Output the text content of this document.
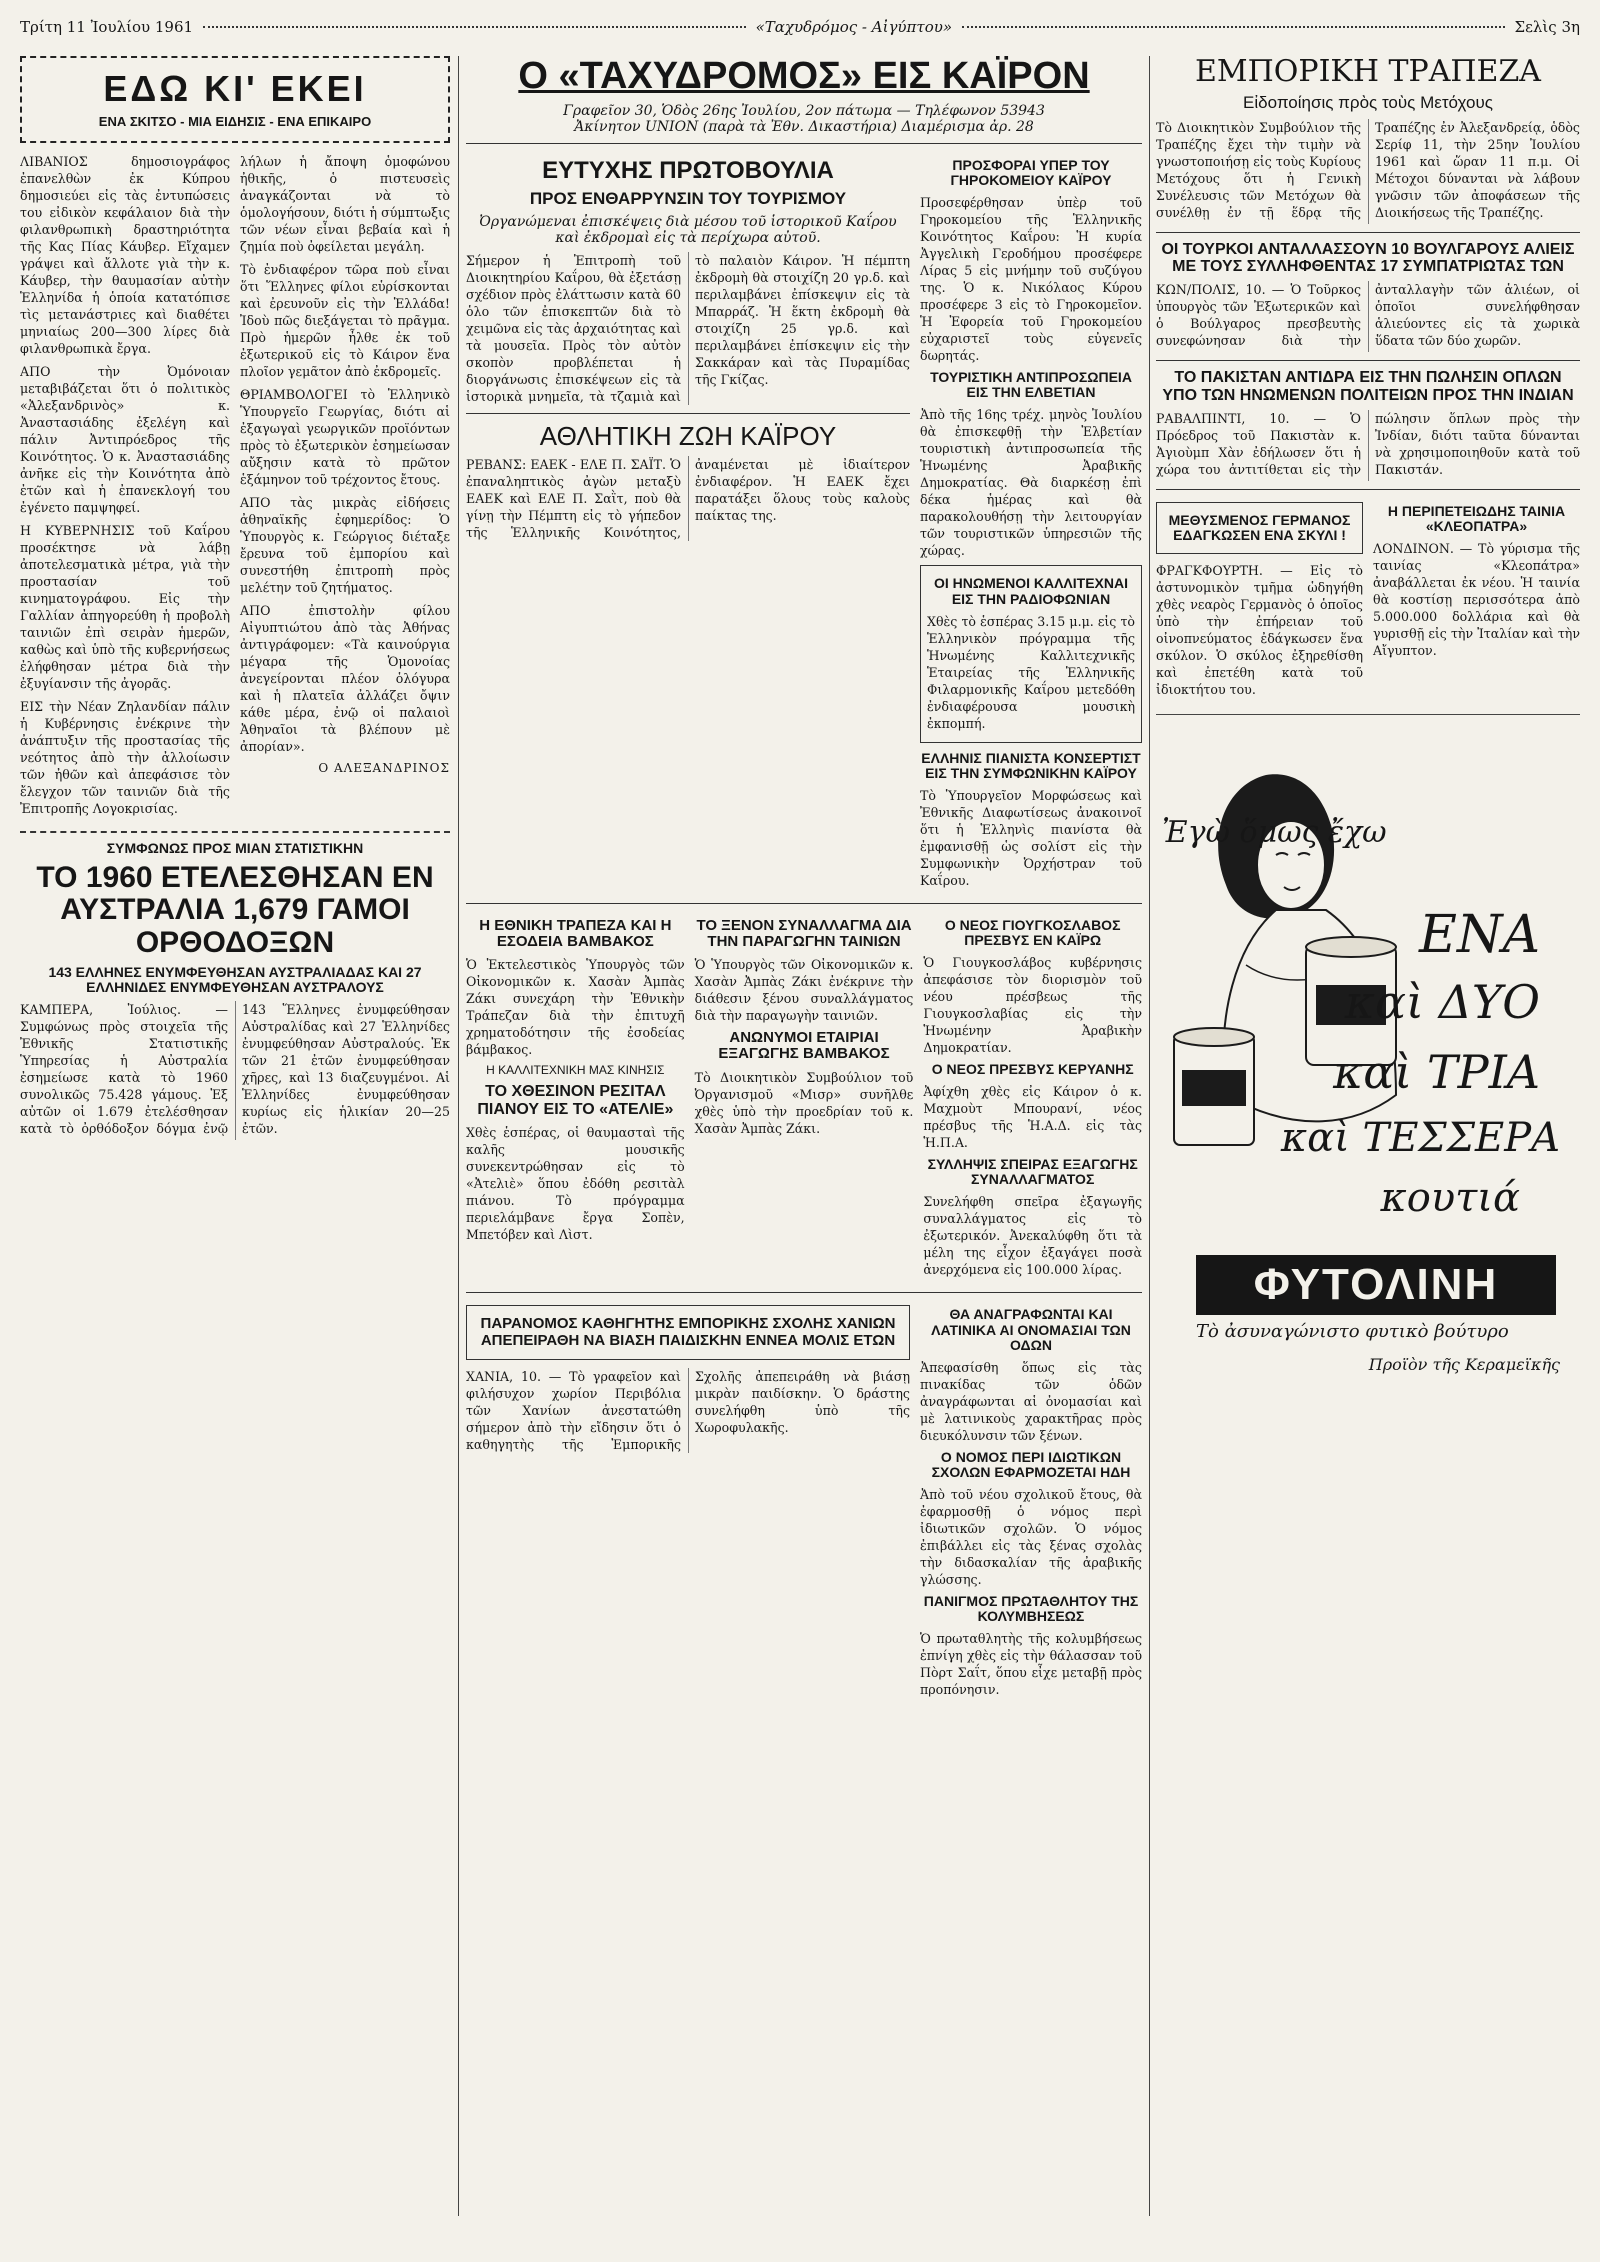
Τρίτη 11 Ἰουλίου 1961	«Ταχυδρόμος - Αἰγύπτου»	Σελὶς 3η
ΕΔΩ ΚΙ' ΕΚΕΙ
ΕΝΑ ΣΚΙΤΣΟ - ΜΙΑ ΕΙΔΗΣΙΣ - ΕΝΑ ΕΠΙΚΑΙΡΟ

ΛΙΒΑΝΙΟΣ δημοσιογράφος ἐπανελθὼν ἐκ Κύπρου δημοσιεύει εἰς τὰς ἐντυπώσεις του εἰδικὸν κεφάλαιον διὰ τὴν φιλανθρωπικὴ δραστηριότητα τῆς Κας Πίας Κάυβερ. Εἴχαμεν γράψει καὶ ἄλλοτε γιὰ τὴν κ. Κάυβερ, τὴν θαυμασίαν αὐτὴν Ἑλληνίδα ἡ ὁποία κατατόπισε τὶς μετανάστριες καὶ διαθέτει μηνιαίως 200—300 λίρες διὰ φιλανθρωπικὰ ἔργα.

ΑΠΟ τὴν Ὀμόνοιαν μεταβιβάζεται ὅτι ὁ πολιτικὸς «Ἀλεξανδρινὸς» κ. Ἀναστασιάδης ἐξελέγη καὶ πάλιν Ἀντιπρόεδρος τῆς Κοινότητος. Ὁ κ. Ἀναστασιάδης ἀνῆκε εἰς τὴν Κοινότητα ἀπὸ ἐτῶν καὶ ἡ ἐπανεκλογή του ἐγένετο παμψηφεί.

Η ΚΥΒΕΡΝΗΣΙΣ τοῦ Καΐρου προσέκτησε νὰ λάβῃ ἀποτελεσματικὰ μέτρα, γιὰ τὴν προστασίαν τοῦ κινηματογράφου. Εἰς τὴν Γαλλίαν ἀπηγορεύθη ἡ προβολὴ ταινιῶν ἐπὶ σειρὰν ἡμερῶν, καθὼς καὶ ὑπὸ τῆς κυβερνήσεως ἐλήφθησαν μέτρα διὰ τὴν ἐξυγίανσιν τῆς ἀγορᾶς.

ΕΙΣ τὴν Νέαν Ζηλανδίαν πάλιν ἡ Κυβέρνησις ἐνέκρινε τὴν ἀνάπτυξιν τῆς προστασίας τῆς νεότητος ἀπὸ τὴν ἀλλοίωσιν τῶν ἠθῶν καὶ ἀπεφάσισε τὸν ἔλεγχον τῶν ταινιῶν διὰ τῆς Ἐπιτροπῆς Λογοκρισίας.

λήλων ἡ ἄποψη ὁμοφώνου ἠθικῆς, ὁ πιστευσεὶς ἀναγκάζονται νὰ τὸ ὁμολογήσουν, διότι ἡ σύμπτωξις τῶν νέων εἶναι βεβαία καὶ ἡ ζημία ποὺ ὀφείλεται μεγάλη.

Τὸ ἐνδιαφέρον τῶρα ποὺ εἶναι ὅτι Ἕλληνες φίλοι εὑρίσκονται καὶ ἐρευνοῦν εἰς τὴν Ἑλλάδα! Ἰδοὺ πῶς διεξάγεται τὸ πρᾶγμα. Πρὸ ἡμερῶν ἦλθε ἐκ τοῦ ἐξωτερικοῦ εἰς τὸ Κάιρον ἕνα πλοῖον γεμᾶτον ἀπὸ ἐκδρομεῖς.

ΘΡΙΑΜΒΟΛΟΓΕΙ τὸ Ἑλληνικὸ Ὑπουργεῖο Γεωργίας, διότι αἱ ἐξαγωγαὶ γεωργικῶν προϊόντων πρὸς τὸ ἐξωτερικὸν ἐσημείωσαν αὔξησιν κατὰ τὸ πρῶτον ἑξάμηνον τοῦ τρέχοντος ἔτους.

ΑΠΟ τὰς μικρὰς εἰδήσεις ἀθηναϊκῆς ἐφημερίδος: Ὁ Ὑπουργὸς κ. Γεώργιος διέταξε ἔρευνα τοῦ ἐμπορίου καὶ συνεστήθη ἐπιτροπὴ πρὸς μελέτην τοῦ ζητήματος.

ΑΠΟ ἐπιστολὴν φίλου Αἰγυπτιώτου ἀπὸ τὰς Ἀθήνας ἀντιγράφομεν: «Τὰ καινούργια μέγαρα τῆς Ὁμονοίας ἀνεγείρονται πλέον ὁλόγυρα καὶ ἡ πλατεῖα ἀλλάζει ὄψιν κάθε μέρα, ἐνῷ οἱ παλαιοὶ Ἀθηναῖοι τὰ βλέπουν μὲ ἀπορίαν».

Ο ΑΛΕΞΑΝΔΡΙΝΟΣ
ΣΥΜΦΩΝΩΣ ΠΡΟΣ ΜΙΑΝ ΣΤΑΤΙΣΤΙΚΗΝ
ΤΟ 1960 ΕΤΕΛΕΣΘΗΣΑΝ ΕΝ ΑΥΣΤΡΑΛΙΑ 1,679 ΓΑΜΟΙ ΟΡΘΟΔΟΞΩΝ
143 ΕΛΛΗΝΕΣ ΕΝΥΜΦΕΥΘΗΣΑΝ ΑΥΣΤΡΑΛΙΑΔΑΣ ΚΑΙ 27 ΕΛΛΗΝΙΔΕΣ ΕΝΥΜΦΕΥΘΗΣΑΝ ΑΥΣΤΡΑΛΟΥΣ

ΚΑΜΠΕΡΑ, Ἰούλιος. — Συμφώνως πρὸς στοιχεῖα τῆς Ἐθνικῆς Στατιστικῆς Ὑπηρεσίας ἡ Αὐστραλία ἐσημείωσε κατὰ τὸ 1960 συνολικῶς 75.428 γάμους. Ἐξ αὐτῶν οἱ 1.679 ἐτελέσθησαν κατὰ τὸ ὀρθόδοξον δόγμα ἐνῷ 143 Ἕλληνες ἐνυμφεύθησαν Αὐστραλίδας καὶ 27 Ἑλληνίδες ἐνυμφεύθησαν Αὐστραλούς. Ἐκ τῶν 21 ἐτῶν ἐνυμφεύθησαν χῆρες, καὶ 13 διαζευγμένοι. Αἱ Ἑλληνίδες ἐνυμφεύθησαν κυρίως εἰς ἡλικίαν 20—25 ἐτῶν.

Ο «ΤΑΧΥΔΡΟΜΟΣ» ΕΙΣ ΚΑΪΡΟΝ
Γραφεῖον 30, Ὁδὸς 26ης Ἰουλίου, 2ον πάτωμα — Τηλέφωνον 53943
Ἀκίνητον UNION (παρὰ τὰ Ἐθν. Δικαστήρια) Διαμέρισμα ἀρ. 28
ΕΥΤΥΧΗΣ ΠΡΩΤΟΒΟΥΛΙΑ
ΠΡΟΣ ΕΝΘΑΡΡΥΝΣΙΝ ΤΟΥ ΤΟΥΡΙΣΜΟΥ
Ὀργανώμεναι ἐπισκέψεις διὰ μέσου τοῦ ἱστορικοῦ Καΐρου καὶ ἐκδρομαὶ εἰς τὰ περίχωρα αὐτοῦ.

Σήμερον ἡ Ἐπιτροπὴ τοῦ Διοικητηρίου Καΐρου, θὰ ἐξετάσῃ σχέδιον πρὸς ἐλάττωσιν κατὰ 60 ὁλο τῶν ἐπισκεπτῶν διὰ τὸ χειμῶνα εἰς τὰς ἀρχαιότητας καὶ τὰ μουσεῖα. Πρὸς τὸν αὐτὸν σκοπὸν προβλέπεται ἡ διοργάνωσις ἐπισκέψεων εἰς τὰ ἱστορικὰ μνημεῖα, τὰ τζαμιὰ καὶ τὸ παλαιὸν Κάιρον. Ἡ πέμπτη ἐκδρομὴ θὰ στοιχίζη 20 γρ.δ. καὶ περιλαμβάνει ἐπίσκεψιν εἰς τὰ Μπαρράζ. Ἡ ἕκτη ἐκδρομὴ θὰ στοιχίζη 25 γρ.δ. καὶ περιλαμβάνει ἐπίσκεψιν εἰς τὴν Σακκάραν καὶ τὰς Πυραμίδας τῆς Γκίζας.

ΑΘΛΗΤΙΚΗ ΖΩΗ ΚΑΪΡΟΥ

ΡΕΒΑΝΣ: ΕΑΕΚ - ΕΛΕ Π. ΣΑΪΤ. Ὁ ἐπαναληπτικὸς ἀγὼν μεταξὺ ΕΑΕΚ καὶ ΕΛΕ Π. Σαῒτ, ποὺ θὰ γίνῃ τὴν Πέμπτη εἰς τὸ γήπεδον τῆς Ἑλληνικῆς Κοινότητος, ἀναμένεται μὲ ἰδιαίτερον ἐνδιαφέρον. Ἡ ΕΑΕΚ ἔχει παρατάξει ὅλους τοὺς καλοὺς παίκτας της.

ΠΡΟΣΦΟΡΑΙ ΥΠΕΡ ΤΟΥ ΓΗΡΟΚΟΜΕΙΟΥ ΚΑΪΡΟΥ

Προσεφέρθησαν ὑπὲρ τοῦ Γηροκομείου τῆς Ἑλληνικῆς Κοινότητος Καΐρου: Ἡ κυρία Ἀγγελικὴ Γεροδήμου προσέφερε Λίρας 5 εἰς μνήμην τοῦ συζύγου της. Ὁ κ. Νικόλαος Κύρου προσέφερε 3 εἰς τὸ Γηροκομεῖον. Ἡ Ἐφορεία τοῦ Γηροκομείου εὐχαριστεῖ τοὺς εὐγενεῖς δωρητάς.

ΤΟΥΡΙΣΤΙΚΗ ΑΝΤΙΠΡΟΣΩΠΕΙΑ ΕΙΣ ΤΗΝ ΕΛΒΕΤΙΑΝ

Ἀπὸ τῆς 16ης τρέχ. μηνὸς Ἰουλίου θὰ ἐπισκεφθῇ τὴν Ἐλβετίαν τουριστικὴ ἀντιπροσωπεία τῆς Ἡνωμένης Ἀραβικῆς Δημοκρατίας. Θὰ διαρκέσῃ ἐπὶ δέκα ἡμέρας καὶ θὰ παρακολουθήσῃ τὴν λειτουργίαν τῶν τουριστικῶν ὑπηρεσιῶν τῆς χώρας.

ΟΙ ΗΝΩΜΕΝΟΙ ΚΑΛΛΙΤΕΧΝΑΙ ΕΙΣ ΤΗΝ ΡΑΔΙΟΦΩΝΙΑΝ

Χθὲς τὸ ἑσπέρας 3.15 μ.μ. εἰς τὸ Ἑλληνικὸν πρόγραμμα τῆς Ἡνωμένης Καλλιτεχνικῆς Ἑταιρείας τῆς Ἑλληνικῆς Φιλαρμονικῆς Καΐρου μετεδόθη ἐνδιαφέρουσα μουσικὴ ἐκπομπή.

ΕΛΛΗΝΙΣ ΠΙΑΝΙΣΤΑ ΚΟΝΣΕΡΤΙΣΤ ΕΙΣ ΤΗΝ ΣΥΜΦΩΝΙΚΗΝ ΚΑΪΡΟΥ

Τὸ Ὑπουργεῖον Μορφώσεως καὶ Ἐθνικῆς Διαφωτίσεως ἀνακοινοῖ ὅτι ἡ Ἑλληνὶς πιανίστα θὰ ἐμφανισθῇ ὡς σολίστ εἰς τὴν Συμφωνικὴν Ὀρχήστραν τοῦ Καΐρου.

Η ΕΘΝΙΚΗ ΤΡΑΠΕΖΑ ΚΑΙ Η ΕΣΟΔΕΙΑ ΒΑΜΒΑΚΟΣ

Ὁ Ἐκτελεστικὸς Ὑπουργὸς τῶν Οἰκονομικῶν κ. Χασὰν Ἀμπὰς Ζάκι συνεχάρη τὴν Ἐθνικὴν Τράπεζαν διὰ τὴν ἐπιτυχῆ χρηματοδότησιν τῆς ἐσοδείας βάμβακος.

Η ΚΑΛΛΙΤΕΧΝΙΚΗ ΜΑΣ ΚΙΝΗΣΙΣ
ΤΟ ΧΘΕΣΙΝΟΝ ΡΕΣΙΤΑΛ ΠΙΑΝΟΥ ΕΙΣ ΤΟ «ΑΤΕΛΙΕ»

Χθὲς ἑσπέρας, οἱ θαυμασταὶ τῆς καλῆς μουσικῆς συνεκεντρώθησαν εἰς τὸ «Ἀτελιὲ» ὅπου ἐδόθη ρεσιτὰλ πιάνου. Τὸ πρόγραμμα περιελάμβανε ἔργα Σοπὲν, Μπετόβεν καὶ Λὶστ.

ΤΟ ΞΕΝΟΝ ΣΥΝΑΛΛΑΓΜΑ ΔΙΑ ΤΗΝ ΠΑΡΑΓΩΓΗΝ ΤΑΙΝΙΩΝ

Ὁ Ὑπουργὸς τῶν Οἰκονομικῶν κ. Χασὰν Ἀμπὰς Ζάκι ἐνέκρινε τὴν διάθεσιν ξένου συναλλάγματος διὰ τὴν παραγωγὴν ταινιῶν.

ΑΝΩΝΥΜΟΙ ΕΤΑΙΡΙΑΙ ΕΞΑΓΩΓΗΣ ΒΑΜΒΑΚΟΣ

Τὸ Διοικητικὸν Συμβούλιον τοῦ Ὀργανισμοῦ «Μισρ» συνῆλθε χθὲς ὑπὸ τὴν προεδρίαν τοῦ κ. Χασὰν Ἀμπὰς Ζάκι.

Ο ΝΕΟΣ ΓΙΟΥΓΚΟΣΛΑΒΟΣ ΠΡΕΣΒΥΣ ΕΝ ΚΑΪΡΩ

Ὁ Γιουγκοσλάβος κυβέρνησις ἀπεφάσισε τὸν διορισμὸν τοῦ νέου πρέσβεως τῆς Γιουγκοσλαβίας εἰς τὴν Ἡνωμένην Ἀραβικὴν Δημοκρατίαν.

Ο ΝΕΟΣ ΠΡΕΣΒΥΣ ΚΕΡΥΑΝΗΣ

Ἀφίχθη χθὲς εἰς Κάιρον ὁ κ. Μαχμοὺτ Μπουρανί, νέος πρέσβυς τῆς Ἡ.Α.Δ. εἰς τὰς Ἡ.Π.Α.

ΣΥΛΛΗΨΙΣ ΣΠΕΙΡΑΣ ΕΞΑΓΩΓΗΣ ΣΥΝΑΛΛΑΓΜΑΤΟΣ

Συνελήφθη σπεῖρα ἐξαγωγῆς συναλλάγματος εἰς τὸ ἐξωτερικόν. Ἀνεκαλύφθη ὅτι τὰ μέλη της εἶχον ἐξαγάγει ποσὰ ἀνερχόμενα εἰς 100.000 λίρας.

ΠΑΡΑΝΟΜΟΣ ΚΑΘΗΓΗΤΗΣ ΕΜΠΟΡΙΚΗΣ ΣΧΟΛΗΣ ΧΑΝΙΩΝ ΑΠΕΠΕΙΡΑΘΗ ΝΑ ΒΙΑΣΗ ΠΑΙΔΙΣΚΗΝ ΕΝΝΕΑ ΜΟΛΙΣ ΕΤΩΝ

ΧΑΝΙΑ, 10. — Τὸ γραφεῖον καὶ φιλήσυχον χωρίον Περιβόλια τῶν Χανίων ἀνεστατώθη σήμερον ἀπὸ τὴν εἴδησιν ὅτι ὁ καθηγητὴς τῆς Ἐμπορικῆς Σχολῆς ἀπεπειράθη νὰ βιάσῃ μικρὰν παιδίσκην. Ὁ δράστης συνελήφθη ὑπὸ τῆς Χωροφυλακῆς.

ΘΑ ΑΝΑΓΡΑΦΩΝΤΑΙ ΚΑΙ ΛΑΤΙΝΙΚΑ ΑΙ ΟΝΟΜΑΣΙΑΙ ΤΩΝ ΟΔΩΝ

Ἀπεφασίσθη ὅπως εἰς τὰς πινακίδας τῶν ὁδῶν ἀναγράφωνται αἱ ὀνομασίαι καὶ μὲ λατινικοὺς χαρακτῆρας πρὸς διευκόλυνσιν τῶν ξένων.

Ο ΝΟΜΟΣ ΠΕΡΙ ΙΔΙΩΤΙΚΩΝ ΣΧΟΛΩΝ ΕΦΑΡΜΟΖΕΤΑΙ ΗΔΗ

Ἀπὸ τοῦ νέου σχολικοῦ ἔτους, θὰ ἐφαρμοσθῇ ὁ νόμος περὶ ἰδιωτικῶν σχολῶν. Ὁ νόμος ἐπιβάλλει εἰς τὰς ξένας σχολὰς τὴν διδασκαλίαν τῆς ἀραβικῆς γλώσσης.

ΠΑΝΙΓΜΟΣ ΠΡΩΤΑΘΛΗΤΟΥ ΤΗΣ ΚΟΛΥΜΒΗΣΕΩΣ

Ὁ πρωταθλητὴς τῆς κολυμβήσεως ἐπνίγη χθὲς εἰς τὴν θάλασσαν τοῦ Πὸρτ Σαΐτ, ὅπου εἶχε μεταβῇ πρὸς προπόνησιν.

ΕΜΠΟΡΙΚΗ ΤΡΑΠΕΖΑ
Εἰδοποίησις πρὸς τοὺς Μετόχους

Τὸ Διοικητικὸν Συμβούλιον τῆς Τραπέζης ἔχει τὴν τιμὴν νὰ γνωστοποιήσῃ εἰς τοὺς Κυρίους Μετόχους ὅτι ἡ Γενικὴ Συνέλευσις τῶν Μετόχων θὰ συνέλθῃ ἐν τῇ ἕδρᾳ τῆς Τραπέζης ἐν Ἀλεξανδρείᾳ, ὁδὸς Σερίφ 11, τὴν 25ην Ἰουλίου 1961 καὶ ὥραν 11 π.μ. Οἱ Μέτοχοι δύνανται νὰ λάβουν γνῶσιν τῶν ἀποφάσεων τῆς Διοικήσεως τῆς Τραπέζης.

ΟΙ ΤΟΥΡΚΟΙ ΑΝΤΑΛΛΑΣΣΟΥΝ 10 ΒΟΥΛΓΑΡΟΥΣ ΑΛΙΕΙΣ ΜΕ ΤΟΥΣ ΣΥΛΛΗΦΘΕΝΤΑΣ 17 ΣΥΜΠΑΤΡΙΩΤΑΣ ΤΩΝ

ΚΩΝ/ΠΟΛΙΣ, 10. — Ὁ Τοῦρκος ὑπουργὸς τῶν Ἐξωτερικῶν καὶ ὁ Βούλγαρος πρεσβευτὴς συνεφώνησαν διὰ τὴν ἀνταλλαγὴν τῶν ἁλιέων, οἱ ὁποῖοι συνελήφθησαν ἁλιεύοντες εἰς τὰ χωρικὰ ὕδατα τῶν δύο χωρῶν.

ΤΟ ΠΑΚΙΣΤΑΝ ΑΝΤΙΔΡΑ ΕΙΣ ΤΗΝ ΠΩΛΗΣΙΝ ΟΠΛΩΝ ΥΠΟ ΤΩΝ ΗΝΩΜΕΝΩΝ ΠΟΛΙΤΕΙΩΝ ΠΡΟΣ ΤΗΝ ΙΝΔΙΑΝ

ΡΑΒΑΛΠΙΝΤΙ, 10. — Ὁ Πρόεδρος τοῦ Πακιστὰν κ. Ἀγιοὺμπ Χὰν ἐδήλωσεν ὅτι ἡ χώρα του ἀντιτίθεται εἰς τὴν πώλησιν ὅπλων πρὸς τὴν Ἰνδίαν, διότι ταῦτα δύνανται νὰ χρησιμοποιηθοῦν κατὰ τοῦ Πακιστάν.

ΜΕΘΥΣΜΕΝΟΣ ΓΕΡΜΑΝΟΣ ΕΔΑΓΚΩΣΕΝ ΕΝΑ ΣΚΥΛΙ !

ΦΡΑΓΚΦΟΥΡΤΗ. — Εἰς τὸ ἀστυνομικὸν τμῆμα ὡδηγήθη χθὲς νεαρὸς Γερμανὸς ὁ ὁποῖος ὑπὸ τὴν ἐπήρειαν τοῦ οἰνοπνεύματος ἐδάγκωσεν ἕνα σκύλον. Ὁ σκύλος ἐξηρεθίσθη καὶ ἐπετέθη κατὰ τοῦ ἰδιοκτήτου του.

Η ΠΕΡΙΠΕΤΕΙΩΔΗΣ ΤΑΙΝΙΑ «ΚΛΕΟΠΑΤΡΑ»

ΛΟΝΔΙΝΟΝ. — Τὸ γύρισμα τῆς ταινίας «Κλεοπάτρα» ἀναβάλλεται ἐκ νέου. Ἡ ταινία θὰ κοστίσῃ περισσότερα ἀπὸ 5.000.000 δολλάρια καὶ θὰ γυρισθῇ εἰς τὴν Ἰταλίαν καὶ τὴν Αἴγυπτον.

Ἐγὼ ὅμως ἔχω
ΕΝΑ
καὶ ΔΥΟ
καὶ ΤΡΙΑ
καὶ ΤΕΣΣΕΡΑ
κουτιά
ΦΥΤΟΛΙΝΗ
Τὸ ἀσυναγώνιστο φυτικὸ βούτυρο
Προϊὸν τῆς Κεραμεϊκῆς
